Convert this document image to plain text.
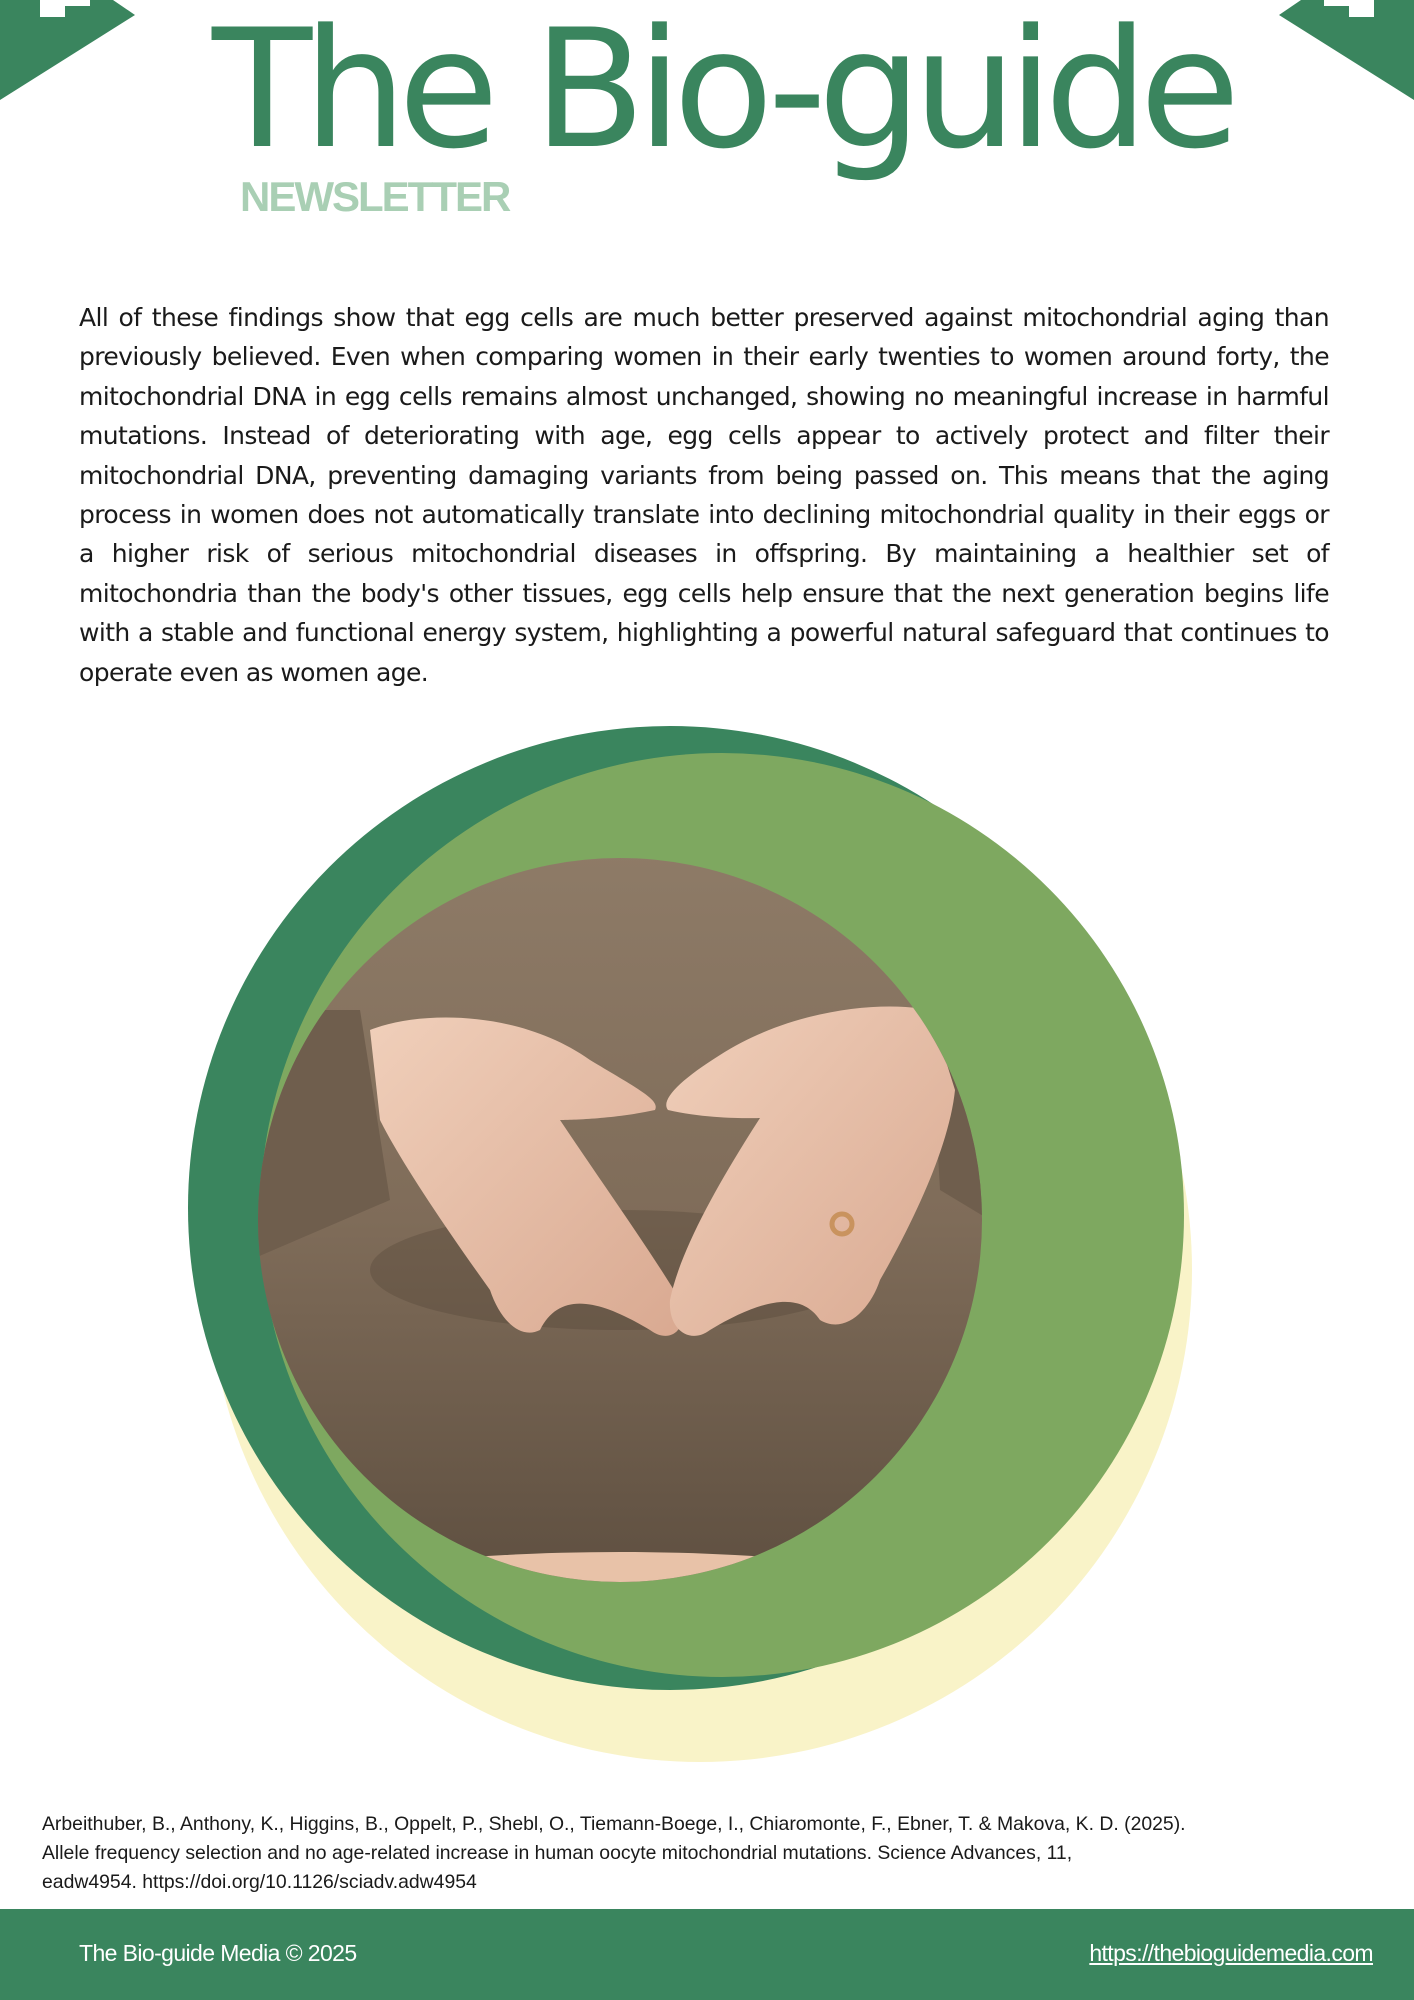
The Bio-guide
NEWSLETTER

All of these findings show that egg cells are much better preserved against mitochondrial aging than previously believed. Even when comparing women in their early twenties to women around forty, the mitochondrial DNA in egg cells remains almost unchanged, showing no meaningful increase in harmful mutations. Instead of deteriorating with age, egg cells appear to actively protect and filter their mitochondrial DNA, preventing damaging variants from being passed on. This means that the aging process in women does not automatically translate into declining mitochondrial quality in their eggs or a higher risk of serious mitochondrial diseases in offspring. By maintaining a healthier set of mitochondria than the body's other tissues, egg cells help ensure that the next generation begins life with a stable and functional energy system, highlighting a powerful natural safeguard that continues to operate even as women age.

Arbeithuber, B., Anthony, K., Higgins, B., Oppelt, P., Shebl, O., Tiemann-Boege, I., Chiaromonte, F., Ebner, T. & Makova, K. D. (2025).
Allele frequency selection and no age-related increase in human oocyte mitochondrial mutations. Science Advances, 11,
eadw4954. https://doi.org/10.1126/sciadv.adw4954
The Bio-guide Media © 2025	https://thebioguidemedia.com
